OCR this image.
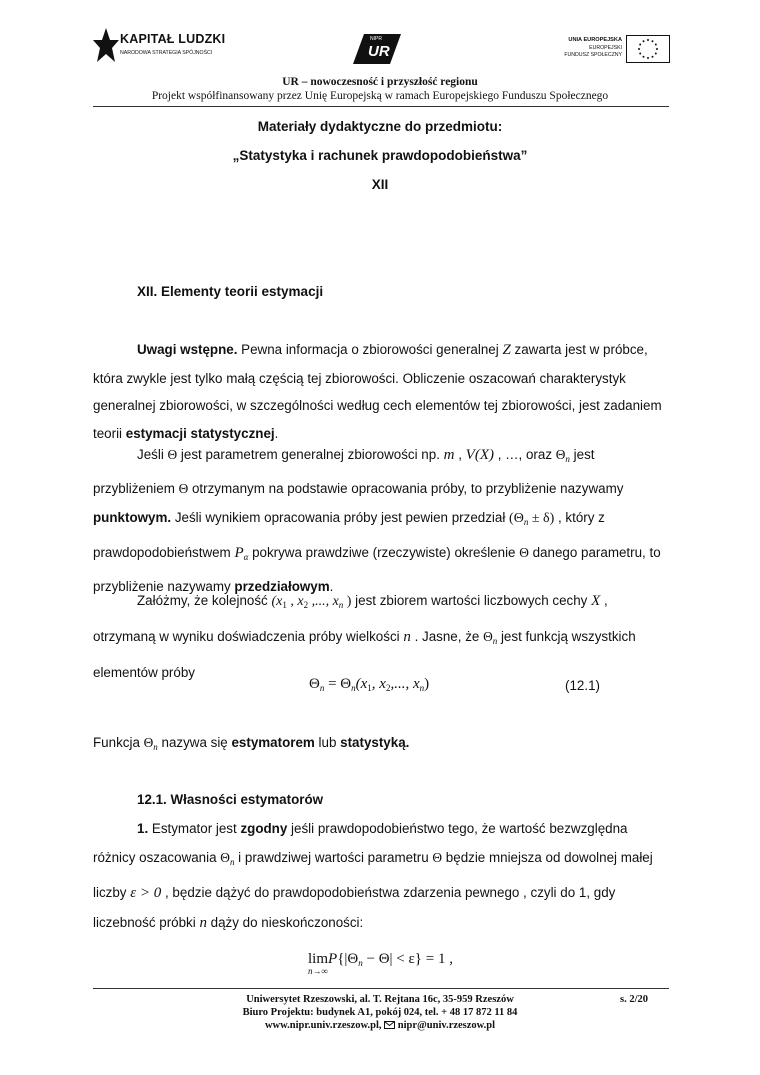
KAPITAŁ LUDZKI
NARODOWA STRATEGIA SPÓJNOŚCI
NIPR
UR
UNIA EUROPEJSKA
EUROPEJSKI
FUNDUSZ SPOŁECZNY
UR – nowoczesność i przyszłość regionu
Projekt współfinansowany przez Unię Europejską w ramach Europejskiego Funduszu Społecznego
Materiały dydaktyczne do przedmiotu:
„Statystyka i rachunek prawdopodobieństwa”
XII
XII. Elementy teorii estymacji
Uwagi wstępne. Pewna informacja o zbiorowości generalnej Z zawarta jest w próbce, która zwykle jest tylko małą częścią tej zbiorowości. Obliczenie oszacowań charakterystyk generalnej zbiorowości, w szczególności według cech elementów tej zbiorowości, jest zadaniem teorii estymacji statystycznej.
Jeśli Θ jest parametrem generalnej zbiorowości np. m , V(X) , …, oraz $\Theta_n$ jest przybliżeniem Θ otrzymanym na podstawie opracowania próby, to przybliżenie nazywamy punktowym. Jeśli wynikiem opracowania próby jest pewien przedział $(\Theta_n \pm \delta)$ , który z prawdopodobieństwem $P_\alpha$ pokrywa prawdziwe (rzeczywiste) określenie Θ danego parametru, to przybliżenie nazywamy przedziałowym.
Załóżmy, że kolejność ($x_1$ , $x_2$ ,..., $x_n$ ) jest zbiorem wartości liczbowych cechy X , otrzymaną w wyniku doświadczenia próby wielkości n . Jasne, że $\Theta_n$ jest funkcją wszystkich elementów próby
$\Theta_n = \Theta_n(x_1$, $x_2$,..., $x_n$)	(12.1)
Funkcja $\Theta_n$ nazywa się estymatorem lub statystyką.
12.1. Własności estymatorów
1. Estymator jest zgodny jeśli prawdopodobieństwo tego, że wartość bezwzględna różnicy oszacowania $\Theta_n$ i prawdziwej wartości parametru Θ będzie mniejsza od dowolnej małej liczby ε > 0 , będzie dążyć do prawdopodobieństwa zdarzenia pewnego , czyli do 1, gdy liczebność próbki n dąży do nieskończoności:
lim
$^{n\to\infty}P\{|\Theta_n - \Theta| < \varepsilon\} = 1$ ,
Uniwersytet Rzeszowski, al. T. Rejtana 16c, 35-959 Rzeszów
Biuro Projektu: budynek A1, pokój 024, tel. + 48 17 872 11 84
www.nipr.univ.rzeszow.pl,  nipr@univ.rzeszow.pl
s. 2/20
